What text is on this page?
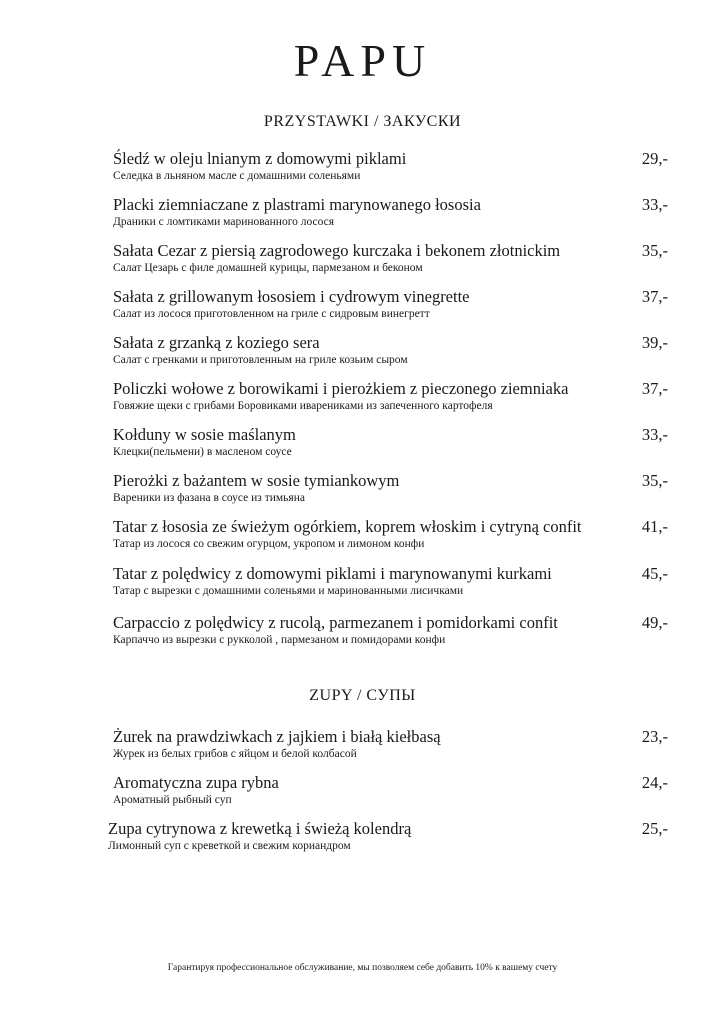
PAPU
PRZYSTAWKI / ЗАКУСКИ
Śledź w oleju lnianym z domowymi piklami
Селедка в льняном масле с домашними соленьями
29,-
Placki ziemniaczane z plastrami marynowanego łososia
Драники с ломтиками маринованного лосося
33,-
Sałata Cezar z piersią zagrodowego kurczaka i bekonem złotnickim
Салат Цезарь с филе домашней курицы, пармезаном и беконом
35,-
Sałata z grillowanym łososiem i cydrowym vinegrette
Салат из лосося приготовленном на гриле с сидровым винегретт
37,-
Sałata z grzanką z koziego sera
Салат с гренками и приготовленным на гриле козьим сыром
39,-
Policzki wołowe z borowikami i pierożkiem z pieczonego ziemniaka
Говяжие щеки с грибами Боровиками иварениками из запеченного картофеля
37,-
Kołduny w sosie maślanym
Клецки(пельмени) в масленом соусе
33,-
Pierożki z bażantem w sosie tymiankowym
Вареники из фазана в соусе из тимьяна
35,-
Tatar z łososia ze świeżym ogórkiem, koprem włoskim i cytryną confit
Татар из лосося со свежим огурцом, укропом и лимоном конфи
41,-
Tatar z polędwicy z domowymi piklami i marynowanymi kurkami
Татар с вырезки с домашними соленьями и маринованными лисичками
45,-
Carpaccio z polędwicy z rucolą, parmezanem i pomidorkami confit
Карпаччо из вырезки с рукколой , пармезаном и помидорами конфи
49,-
ZUPY / СУПЫ
Żurek na prawdziwkach z jajkiem i białą kiełbasą
Журек из белых грибов с яйцом и белой колбасой
23,-
Aromatyczna zupa rybna
Ароматный рыбный суп
24,-
Zupa cytrynowa z krewetką i świeżą kolendrą
Лимонный суп с креветкой и свежим кориандром
25,-
Гарантируя профессиональное обслуживание, мы позволяем себе добавить 10% к вашему счету
